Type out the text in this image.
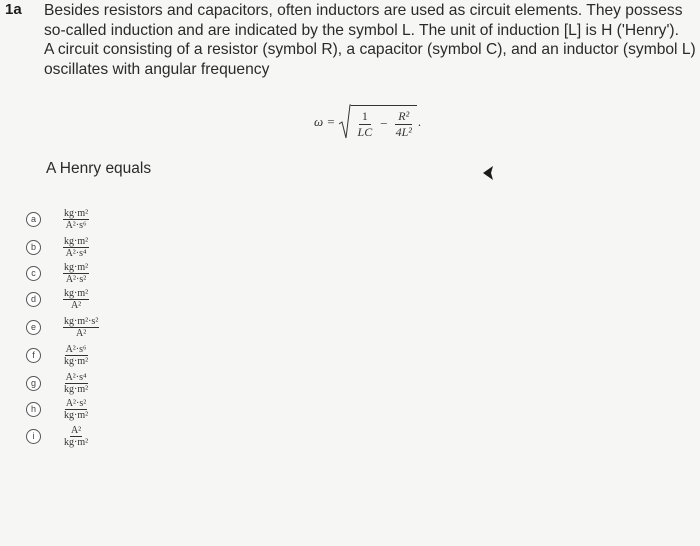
1a Besides resistors and capacitors, often inductors are used as circuit elements. They possess
so-called induction and are indicated by the symbol L. The unit of induction [L] is H ('Henry').
A circuit consisting of a resistor (symbol R), a capacitor (symbol C), and an inductor (symbol L)
oscillates with angular frequency
$\omega = \frac{1}{LC} - \frac{\text{R²}}{\text{4L²}}$ .
A Henry equals
a	$\frac{\text{kg·m²}}{\text{A²·s⁶}}$
b	$\frac{\text{kg·m²}}{\text{A²·s⁴}}$
c	$\frac{\text{kg·m²}}{\text{A²·s²}}$
d	$\frac{\text{kg·m²}}{\text{A²}}$
e	$\frac{\text{kg·m²·s²}}{\text{A²}}$
f	$\frac{\text{A²·s⁶}}{\text{kg·m²}}$
g	$\frac{\text{A²·s⁴}}{\text{kg·m²}}$
h	$\frac{\text{A²·s²}}{\text{kg·m²}}$
i	$\frac{\text{A²}}{\text{kg·m²}}$
